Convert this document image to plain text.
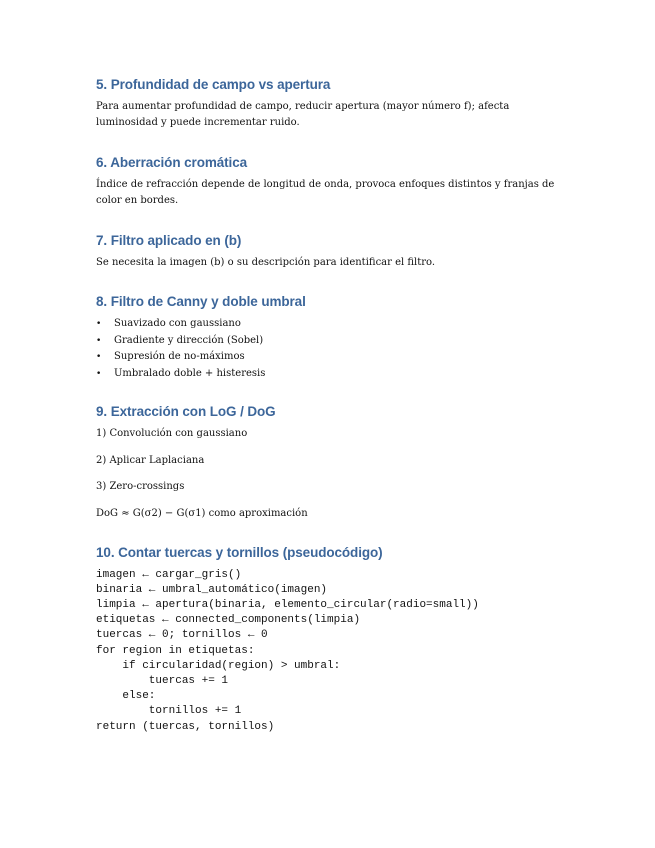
5. Profundidad de campo vs apertura

Para aumentar profundidad de campo, reducir apertura (mayor número f); afecta

luminosidad y puede incrementar ruido.

6. Aberración cromática

Índice de refracción depende de longitud de onda, provoca enfoques distintos y franjas de

color en bordes.

7. Filtro aplicado en (b)

Se necesita la imagen (b) o su descripción para identificar el filtro.

8. Filtro de Canny y doble umbral
• Suavizado con gaussiano
• Gradiente y dirección (Sobel)
• Supresión de no-máximos
• Umbralado doble + histeresis
9. Extracción con LoG / DoG

1) Convolución con gaussiano

2) Aplicar Laplaciana

3) Zero-crossings

DoG ≈ G(σ2) − G(σ1) como aproximación

10. Contar tuercas y tornillos (pseudocódigo)
imagen ← cargar_gris()
binaria ← umbral_automático(imagen)
limpia ← apertura(binaria, elemento_circular(radio=small))
etiquetas ← connected_components(limpia)
tuercas ← 0; tornillos ← 0
for region in etiquetas:
if circularidad(region) > umbral:
tuercas += 1
else:
tornillos += 1
return (tuercas, tornillos)
